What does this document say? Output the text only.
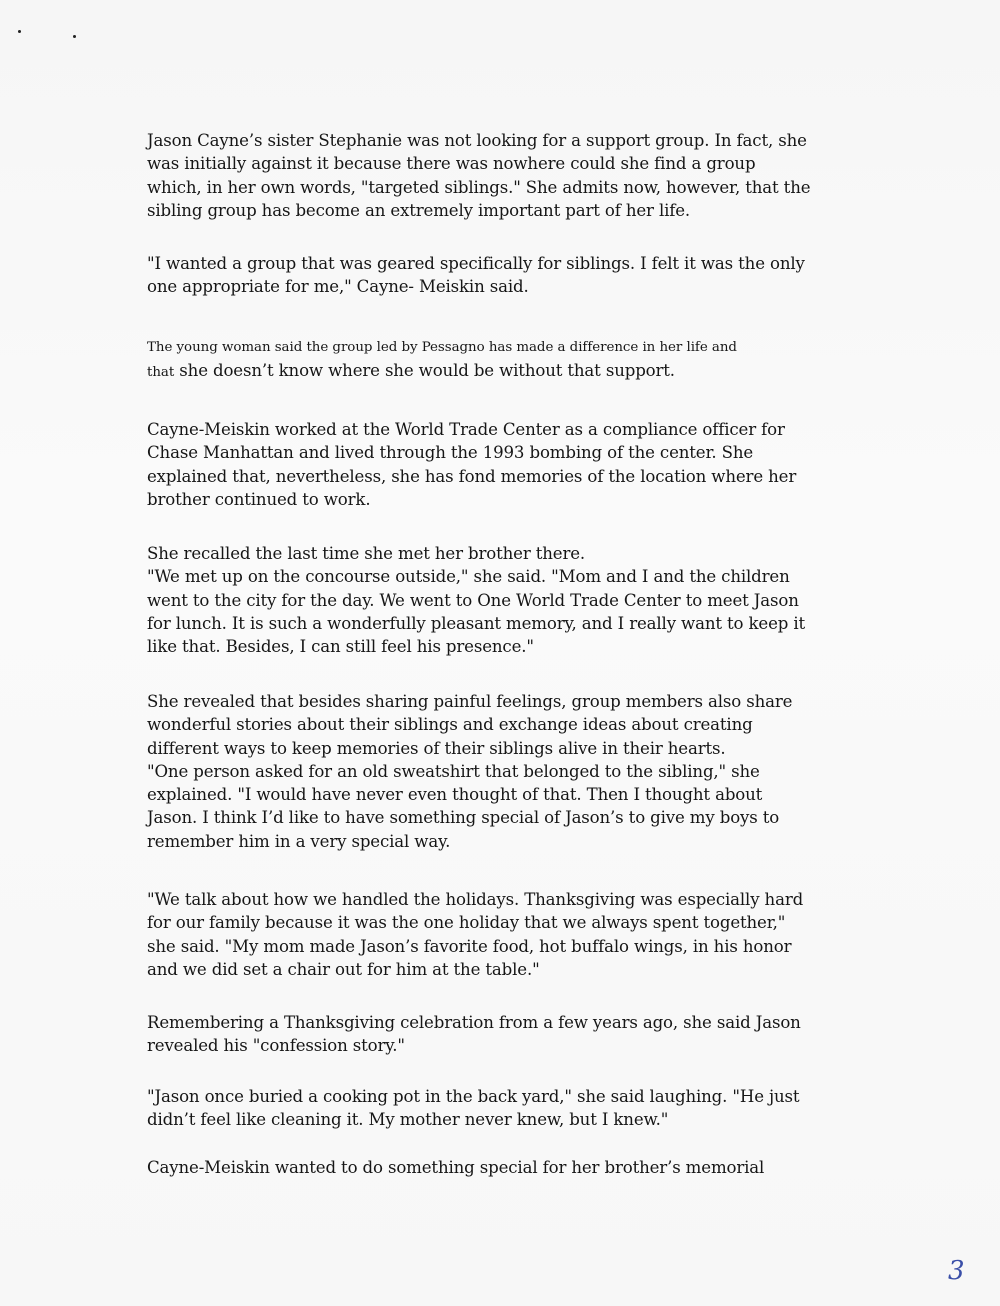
Jason Cayne’s sister Stephanie was not looking for a support group. In fact, she
was initially against it because there was nowhere could she find a group
which, in her own words, "targeted siblings." She admits now, however, that the
sibling group has become an extremely important part of her life.

"I wanted a group that was geared specifically for siblings. I felt it was the only
one appropriate for me," Cayne- Meiskin said.

The young woman said the group led by Pessagno has made a difference in her life and
that she doesn’t know where she would be without that support.

Cayne-Meiskin worked at the World Trade Center as a compliance officer for
Chase Manhattan and lived through the 1993 bombing of the center. She
explained that, nevertheless, she has fond memories of the location where her
brother continued to work.

She recalled the last time she met her brother there.
"We met up on the concourse outside," she said. "Mom and I and the children
went to the city for the day. We went to One World Trade Center to meet Jason
for lunch. It is such a wonderfully pleasant memory, and I really want to keep it
like that. Besides, I can still feel his presence."

She revealed that besides sharing painful feelings, group members also share
wonderful stories about their siblings and exchange ideas about creating
different ways to keep memories of their siblings alive in their hearts.
"One person asked for an old sweatshirt that belonged to the sibling," she
explained. "I would have never even thought of that. Then I thought about
Jason. I think I’d like to have something special of Jason’s to give my boys to
remember him in a very special way.

"We talk about how we handled the holidays. Thanksgiving was especially hard
for our family because it was the one holiday that we always spent together,"
she said. "My mom made Jason’s favorite food, hot buffalo wings, in his honor
and we did set a chair out for him at the table."

Remembering a Thanksgiving celebration from a few years ago, she said Jason
revealed his "confession story."

"Jason once buried a cooking pot in the back yard," she said laughing. "He just
didn’t feel like cleaning it. My mother never knew, but I knew."

Cayne-Meiskin wanted to do something special for her brother’s memorial

3
